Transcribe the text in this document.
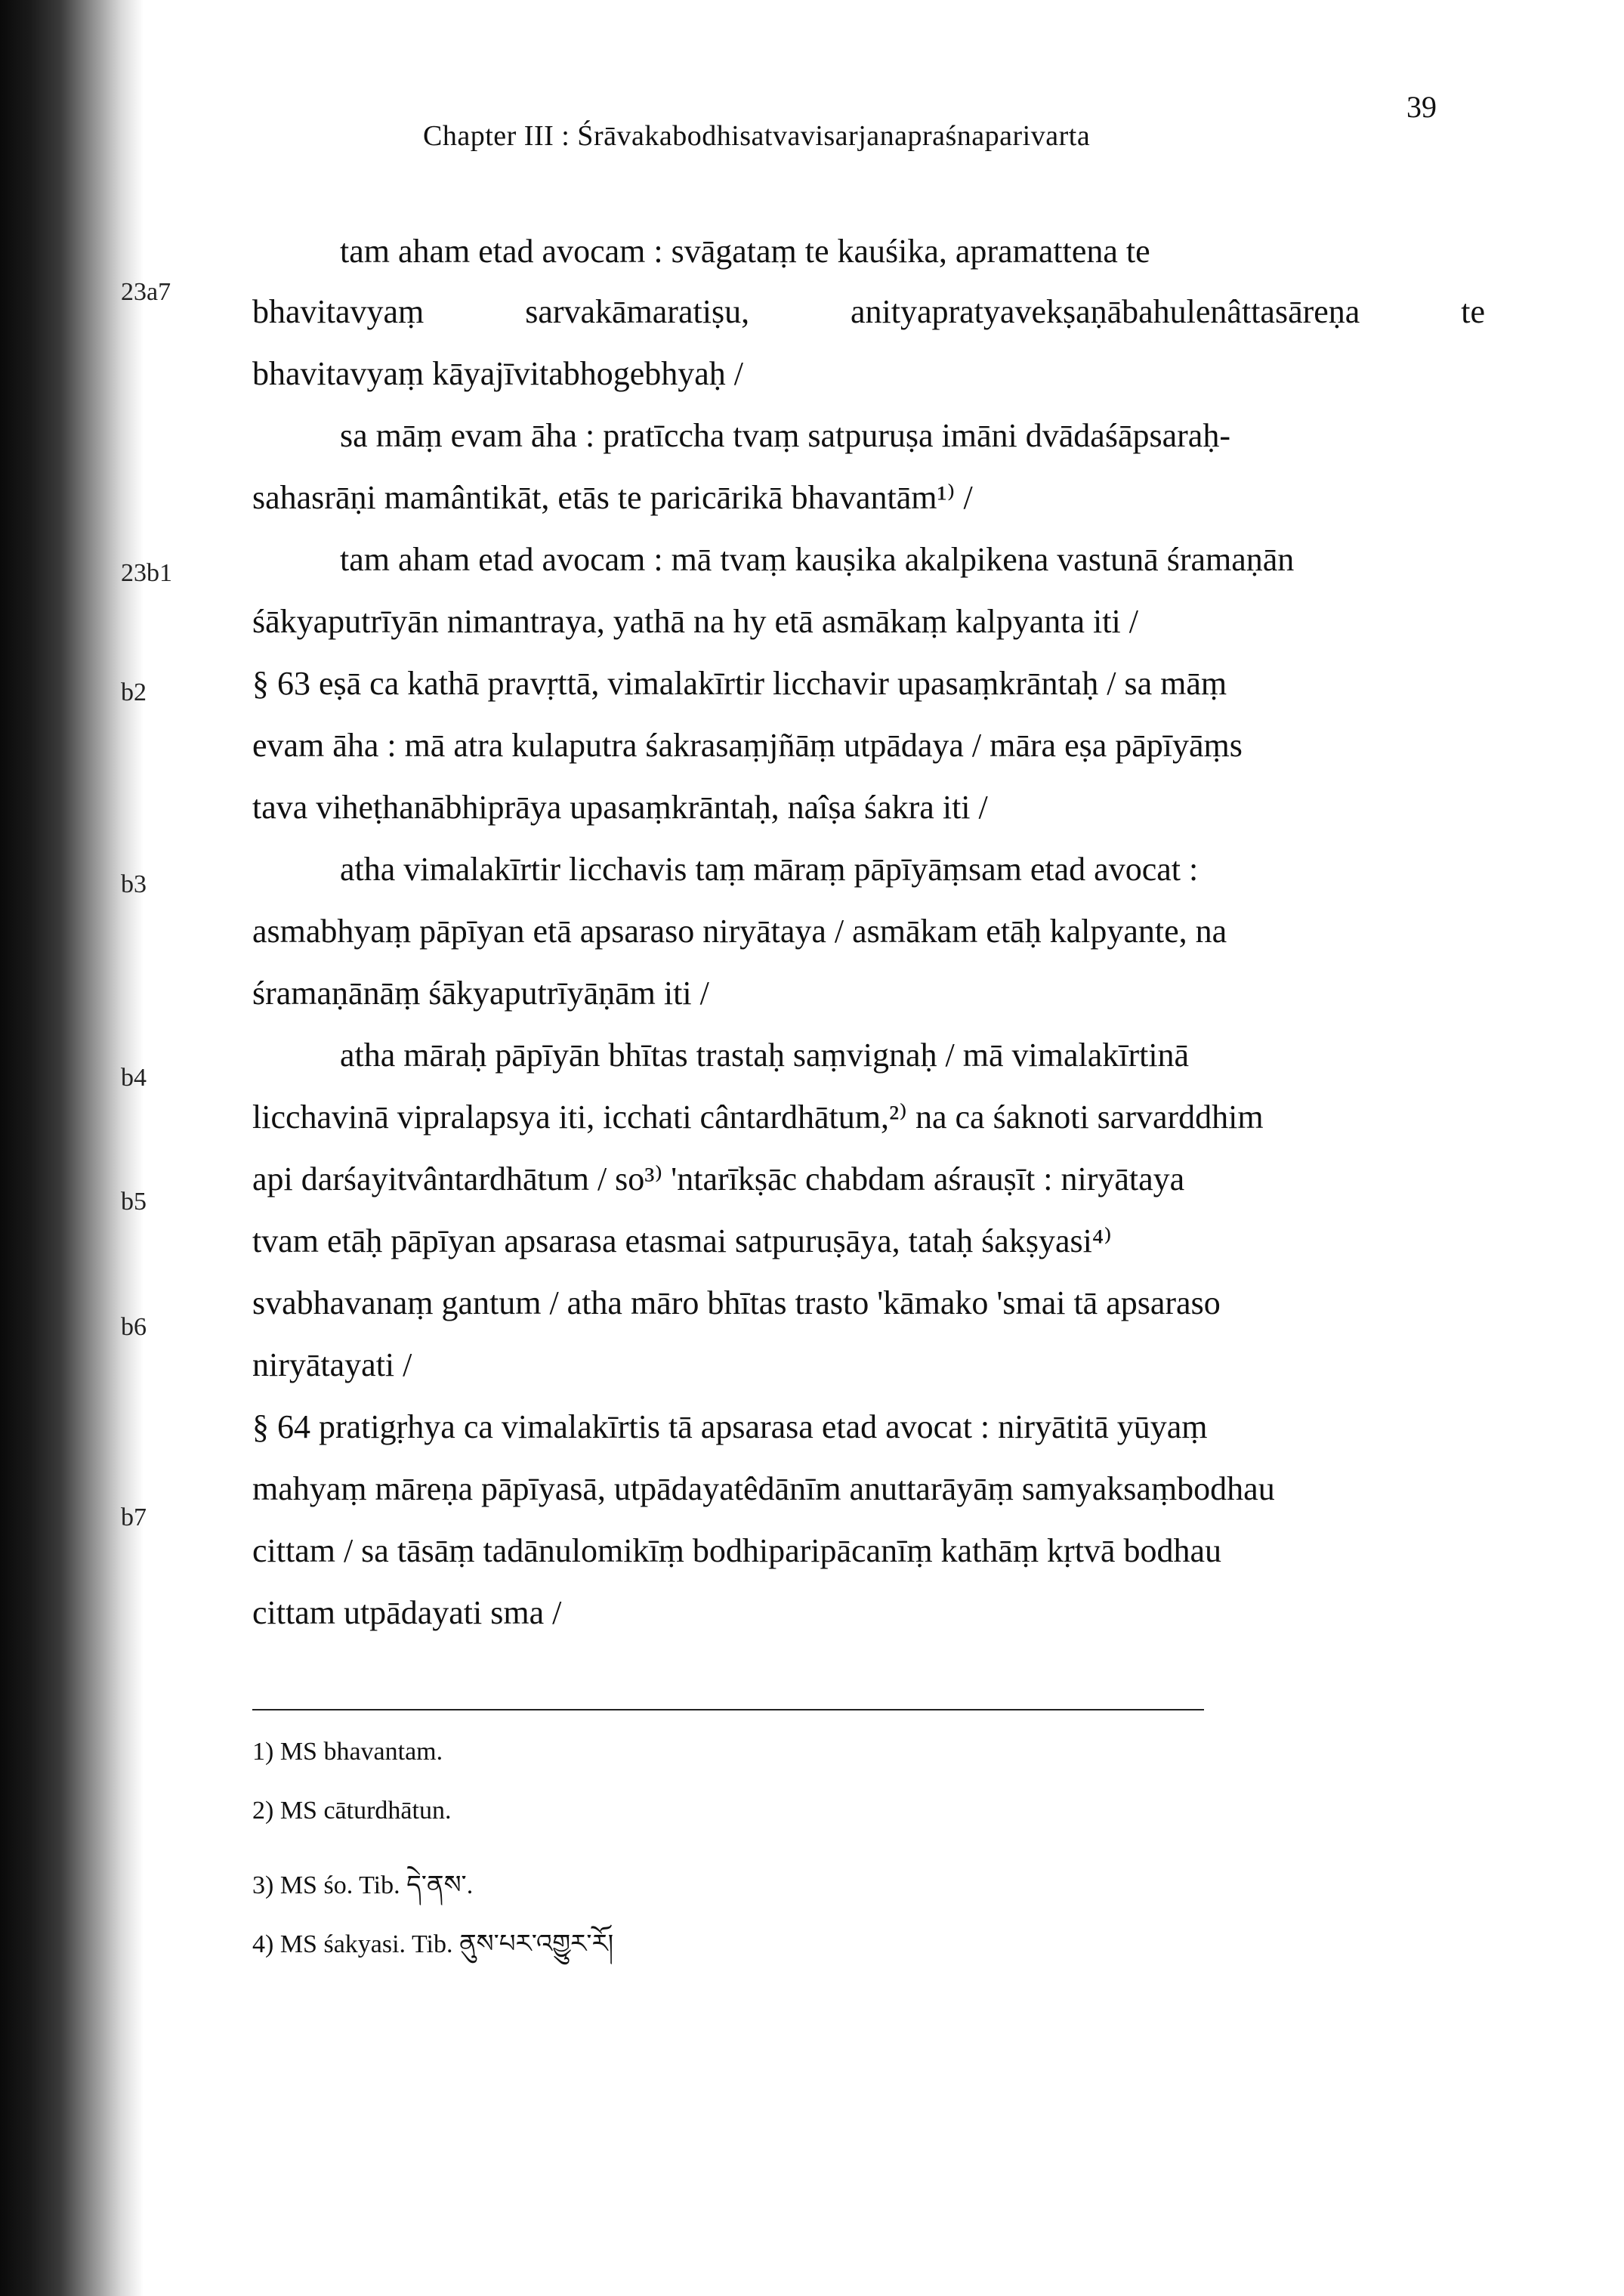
Chapter III : Śrāvakabodhisatvavisarjanapraśnaparivarta
39
23a7
23b1
b2
b3
b4
b5
b6
b7
tam aham etad avocam : svāgataṃ te kauśika, apramattena te
bhavitavyaṃ sarvakāmaratiṣu, anityapratyavekṣaṇābahulenâttasāreṇa te
bhavitavyaṃ kāyajīvitabhogebhyaḥ /
sa māṃ evam āha : pratīccha tvaṃ satpuruṣa imāni dvādaśāpsaraḥ-
sahasrāṇi mamântikāt, etās te paricārikā bhavantām¹⁾ /
tam aham etad avocam : mā tvaṃ kauṣika akalpikena vastunā śramaṇān
śākyaputrīyān nimantraya, yathā na hy etā asmākaṃ kalpyanta iti /
§ 63 eṣā ca kathā pravṛttā, vimalakīrtir licchavir upasaṃkrāntaḥ / sa māṃ
evam āha : mā atra kulaputra śakrasaṃjñāṃ utpādaya / māra eṣa pāpīyāṃs
tava viheṭhanābhiprāya upasaṃkrāntaḥ, naîṣa śakra iti /
atha vimalakīrtir licchavis taṃ māraṃ pāpīyāṃsam etad avocat :
asmabhyaṃ pāpīyan etā apsaraso niryātaya / asmākam etāḥ kalpyante, na
śramaṇānāṃ śākyaputrīyāṇām iti /
atha māraḥ pāpīyān bhītas trastaḥ saṃvignaḥ / mā vimalakīrtinā
licchavinā vipralapsya iti, icchati cântardhātum,²⁾ na ca śaknoti sarvarddhim
api darśayitvântardhātum / so³⁾ 'ntarīkṣāc chabdam aśrauṣīt : niryātaya
tvam etāḥ pāpīyan apsarasa etasmai satpuruṣāya, tataḥ śakṣyasi⁴⁾
svabhavanaṃ gantum / atha māro bhītas trasto 'kāmako 'smai tā apsaraso
niryātayati /
§ 64 pratigṛhya ca vimalakīrtis tā apsarasa etad avocat : niryātitā yūyaṃ
mahyaṃ māreṇa pāpīyasā, utpādayatêdānīm anuttarāyāṃ samyaksaṃbodhau
cittam / sa tāsāṃ tadānulomikīṃ bodhiparipācanīṃ kathāṃ kṛtvā bodhau
cittam utpādayati sma /
1) MS bhavantam.
2) MS cāturdhātun.
3) MS śo. Tib. དེ་ནས་.
4) MS śakyasi. Tib. ནུས་པར་འགྱུར་རོ།
